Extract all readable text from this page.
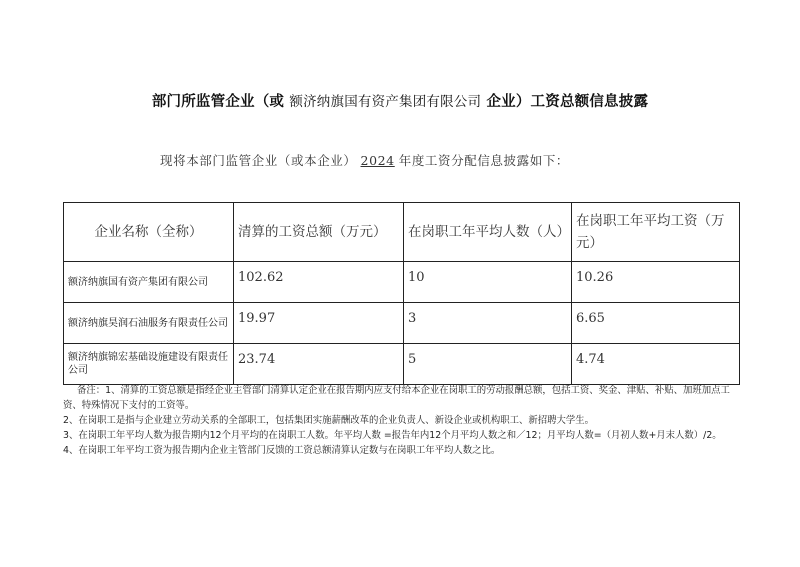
部门所监管企业（或 额济纳旗国有资产集团有限公司 企业）工资总额信息披露
现将本部门监管企业（或本企业） 2024 年度工资分配信息披露如下：
企业名称（全称）	清算的工资总额（万元）	在岗职工年平均人数（人）	在岗职工年平均工资（万元）
额济纳旗国有资产集团有限公司	102.62	10	10.26
额济纳旗昊润石油服务有限责任公司	19.97	3	6.65
额济纳旗锦宏基础设施建设有限责任公司	23.74	5	4.74

备注：1、清算的工资总额是指经企业主管部门清算认定企业在报告期内应支付给本企业在岗职工的劳动报酬总额，包括工资、奖金、津贴、补贴、加班加点工资、特殊情况下支付的工资等。

2、在岗职工是指与企业建立劳动关系的全部职工，包括集团实施薪酬改革的企业负责人、新设企业或机构职工、新招聘大学生。

3、在岗职工年平均人数为报告期内12个月平均的在岗职工人数。年平均人数 =报告年内12个月平均人数之和／12；月平均人数=（月初人数+月末人数）/2。

4、在岗职工年平均工资为报告期内企业主管部门反馈的工资总额清算认定数与在岗职工年平均人数之比。
